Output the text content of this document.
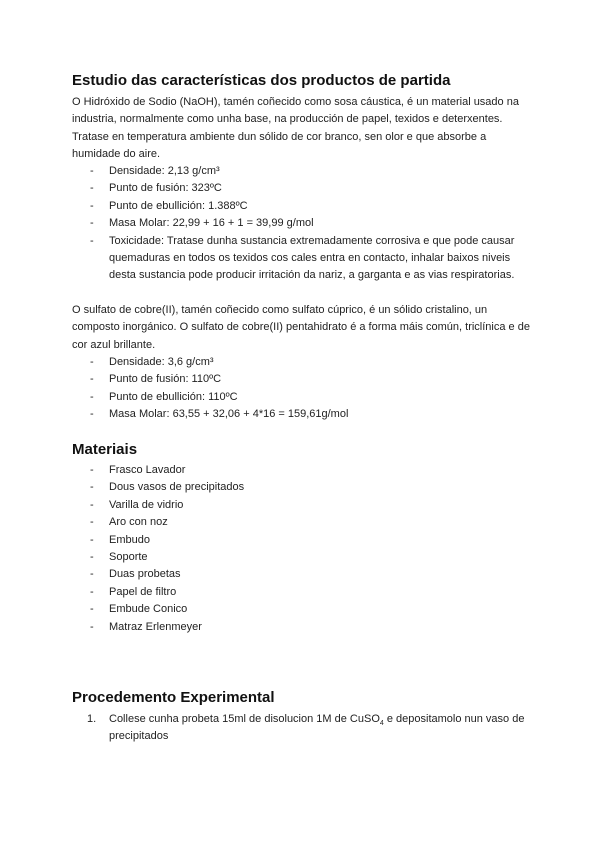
Estudio das características dos productos de partida
O Hidróxido de Sodio (NaOH), tamén coñecido como sosa cáustica, é un material usado na industria, normalmente como unha base, na producción de papel, texidos e deterxentes. Tratase en temperatura ambiente dun sólido de cor branco, sen olor e que absorbe a humidade do aire.
- Densidade: 2,13 g/cm³
- Punto de fusión: 323ºC
- Punto de ebullición: 1.388ºC
- Masa Molar: 22,99 + 16 + 1 = 39,99 g/mol
- Toxicidade: Tratase dunha sustancia extremadamente corrosiva e que pode causar quemaduras en todos os texidos cos cales entra en contacto, inhalar baixos niveis desta sustancia pode producir irritación da nariz, a garganta e as vias respiratorias.
O sulfato de cobre(II), tamén coñecido como sulfato cúprico, é un sólido cristalino, un composto inorgánico. O sulfato de cobre(II) pentahidrato é a forma máis común, triclínica e de cor azul brillante.
- Densidade: 3,6 g/cm³
- Punto de fusión: 110ºC
- Punto de ebullición: 110ºC
- Masa Molar: 63,55 + 32,06 + 4*16 = 159,61g/mol
Materiais
- Frasco Lavador
- Dous vasos de precipitados
- Varilla de vidrio
- Aro con noz
- Embudo
- Soporte
- Duas probetas
- Papel de filtro
- Embude Conico
- Matraz Erlenmeyer
Procedemento Experimental
1. Collese cunha probeta 15ml de disolucion 1M de CuSO$_4$ e depositamolo nun vaso de precipitados
